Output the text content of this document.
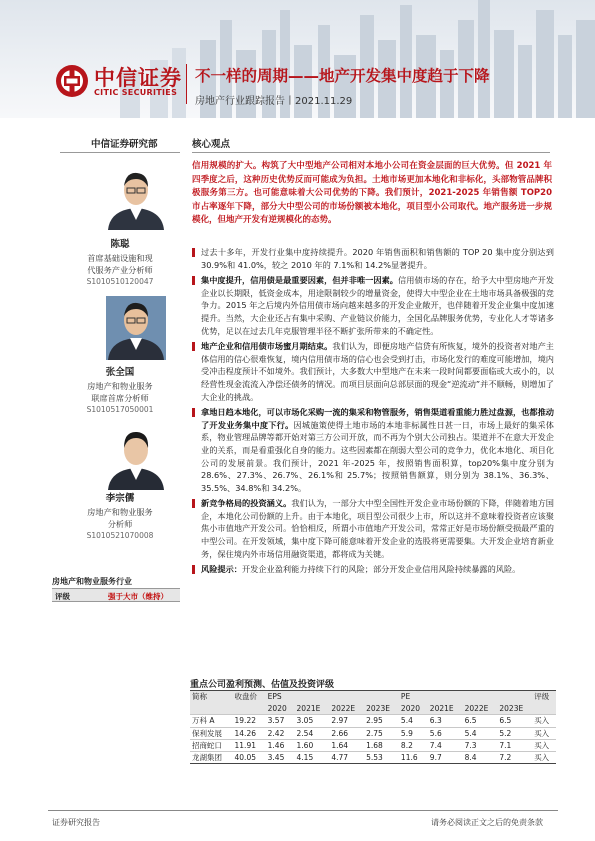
中信证券
CITIC SECURITIES
不一样的周期——地产开发集中度趋于下降
房地产行业跟踪报告丨2021.11.29
中信证券研究部
陈聪
首席基础设施和现
代服务产业分析师
S1010510120047
张全国
房地产和物业服务
联席首席分析师
S1010517050001
李宗儒
房地产和物业服务
分析师
S1010521070008
房地产和物业服务行业
评级	强于大市（维持）
核心观点
信用规模的扩大。构筑了大中型地产公司相对本地小公司在资金层面的巨大优势。但 2021 年四季度之后，这种历史优势反而可能成为负担。土地市场更加本地化和非标化，头部物管品牌积极服务第三方。也可能意味着大公司优势的下降。我们预计，2021-2025 年销售额 TOP20 市占率逐年下降，部分大中型公司的市场份额被本地化，项目型小公司取代。地产服务进一步规模化，但地产开发有逆规模化的态势。
过去十多年，开发行业集中度持续提升。2020 年销售面积和销售额的 TOP 20 集中度分别达到 30.9%和 41.0%，较之 2010 年的 7.1%和 14.2%显著提升。
集中度提升，信用债是最重要因素，但并非唯一因素。信用债市场的存在，给予大中型房地产开发企业以长期限，低资金成本，用途限制较少的增量资金，使得大中型企业在土地市场具备极强的竞争力。2015 年之后境内外信用债市场向越来越多的开发企业敞开，也伴随着开发企业集中度加速提升。当然，大企业还占有集中采购、产业链议价能力，全国化品牌服务优势，专业化人才等诸多优势，足以在过去几年克服管理半径不断扩张所带来的不确定性。
地产企业和信用债市场蜜月期结束。我们认为，即便房地产信贷有所恢复，境外的投资者对地产主体信用的信心很难恢复，境内信用债市场的信心也会受到打击，市场化发行的难度可能增加，境内受冲击程度预计不如境外。我们预计，大多数大中型地产在未来一段时间都要面临或大或小的，以经营性现金流流入净偿还债务的情况。而项目层面向总部层面的现金“逆流动”并不顺畅，则增加了大企业的挑战。
拿地日趋本地化，可以市场化采购一流的集采和物管服务，销售渠道看重能力胜过盘源，也都推动了开发业务集中度下行。因城施策使得土地市场的本地非标属性日甚一日，市场上最好的集采体系，物业管理品牌等都开始对第三方公司开放，而不再为个别大公司独占。渠道并不在意大开发企业的关系，而是看重强化自身的能力。这些因素都在削弱大型公司的竞争力，优化本地化、项目化公司的发展前景。我们预计，2021 年-2025 年，按照销售面积算，top20%集中度分别为 28.6%、27.3%、26.7%、26.1%和 25.7%；按照销售额算，则分别为 38.1%、36.3%、35.5%、34.8%和 34.2%。
新竞争格局的投资涵义。我们认为，一部分大中型全国性开发企业市场份额的下降，伴随着地方国企，本地化公司份额的上升。由于本地化，项目型公司很少上市，所以这并不意味着投资者应该聚焦小市值地产开发公司。恰恰相反，所谓小市值地产开发公司，常常正好是市场份额受损最严重的中型公司。在开发领域，集中度下降可能意味着开发企业的选股将更需要集。大开发企业培育新业务，保住境内外市场信用融资渠道，都将成为关键。
风险提示：开发企业盈利能力持续下行的风险；部分开发企业信用风险持续暴露的风险。
重点公司盈利预测、估值及投资评级
简称	收盘价	EPS				PE				评级
		2020	2021E	2022E	2023E	2020	2021E	2022E	2023E	
万科 A	19.22	3.57	3.05	2.97	2.95	5.4	6.3	6.5	6.5	买入
保利发展	14.26	2.42	2.54	2.66	2.75	5.9	5.6	5.4	5.2	买入
招商蛇口	11.91	1.46	1.60	1.64	1.68	8.2	7.4	7.3	7.1	买入
龙湖集团	40.05	3.45	4.15	4.77	5.53	11.6	9.7	8.4	7.2	买入
证券研究报告	请务必阅读正文之后的免责条款
